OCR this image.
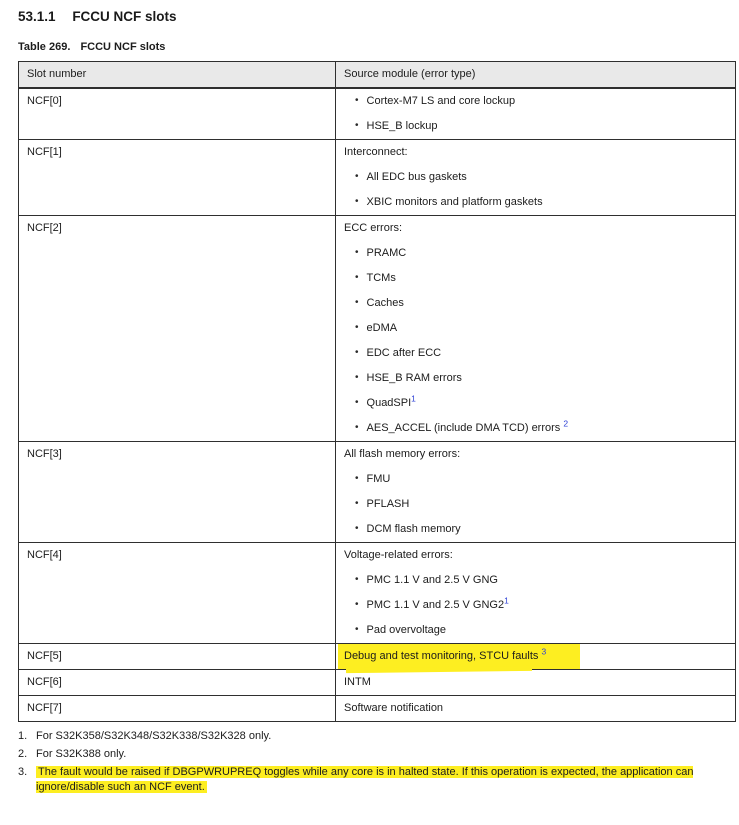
53.1.1 FCCU NCF slots

Table 269. FCCU NCF slots

Slot number	Source module (error type)

NCF[0]	• Cortex-M7 LS and core lockup
• HSE_B lockup

NCF[1]	Interconnect:
• All EDC bus gaskets
• XBIC monitors and platform gaskets

NCF[2]	ECC errors:
• PRAMC
• TCMs
• Caches
• eDMA
• EDC after ECC
• HSE_B RAM errors
• QuadSPI$^1$
• AES_ACCEL (include DMA TCD) errors $^2$

NCF[3]	All flash memory errors:
• FMU
• PFLASH
• DCM flash memory

NCF[4]	Voltage-related errors:
• PMC 1.1 V and 2.5 V GNG
• PMC 1.1 V and 2.5 V GNG2$^1$
• Pad overvoltage

NCF[5]	Debug and test monitoring, STCU faults $^3$

NCF[6]	INTM

NCF[7]	Software notification
1. For S32K358/S32K348/S32K338/S32K328 only.
2. For S32K388 only.
3. The fault would be raised if DBGPWRUPREQ toggles while any core is in halted state. If this operation is expected, the application can ignore/disable such an NCF event.
